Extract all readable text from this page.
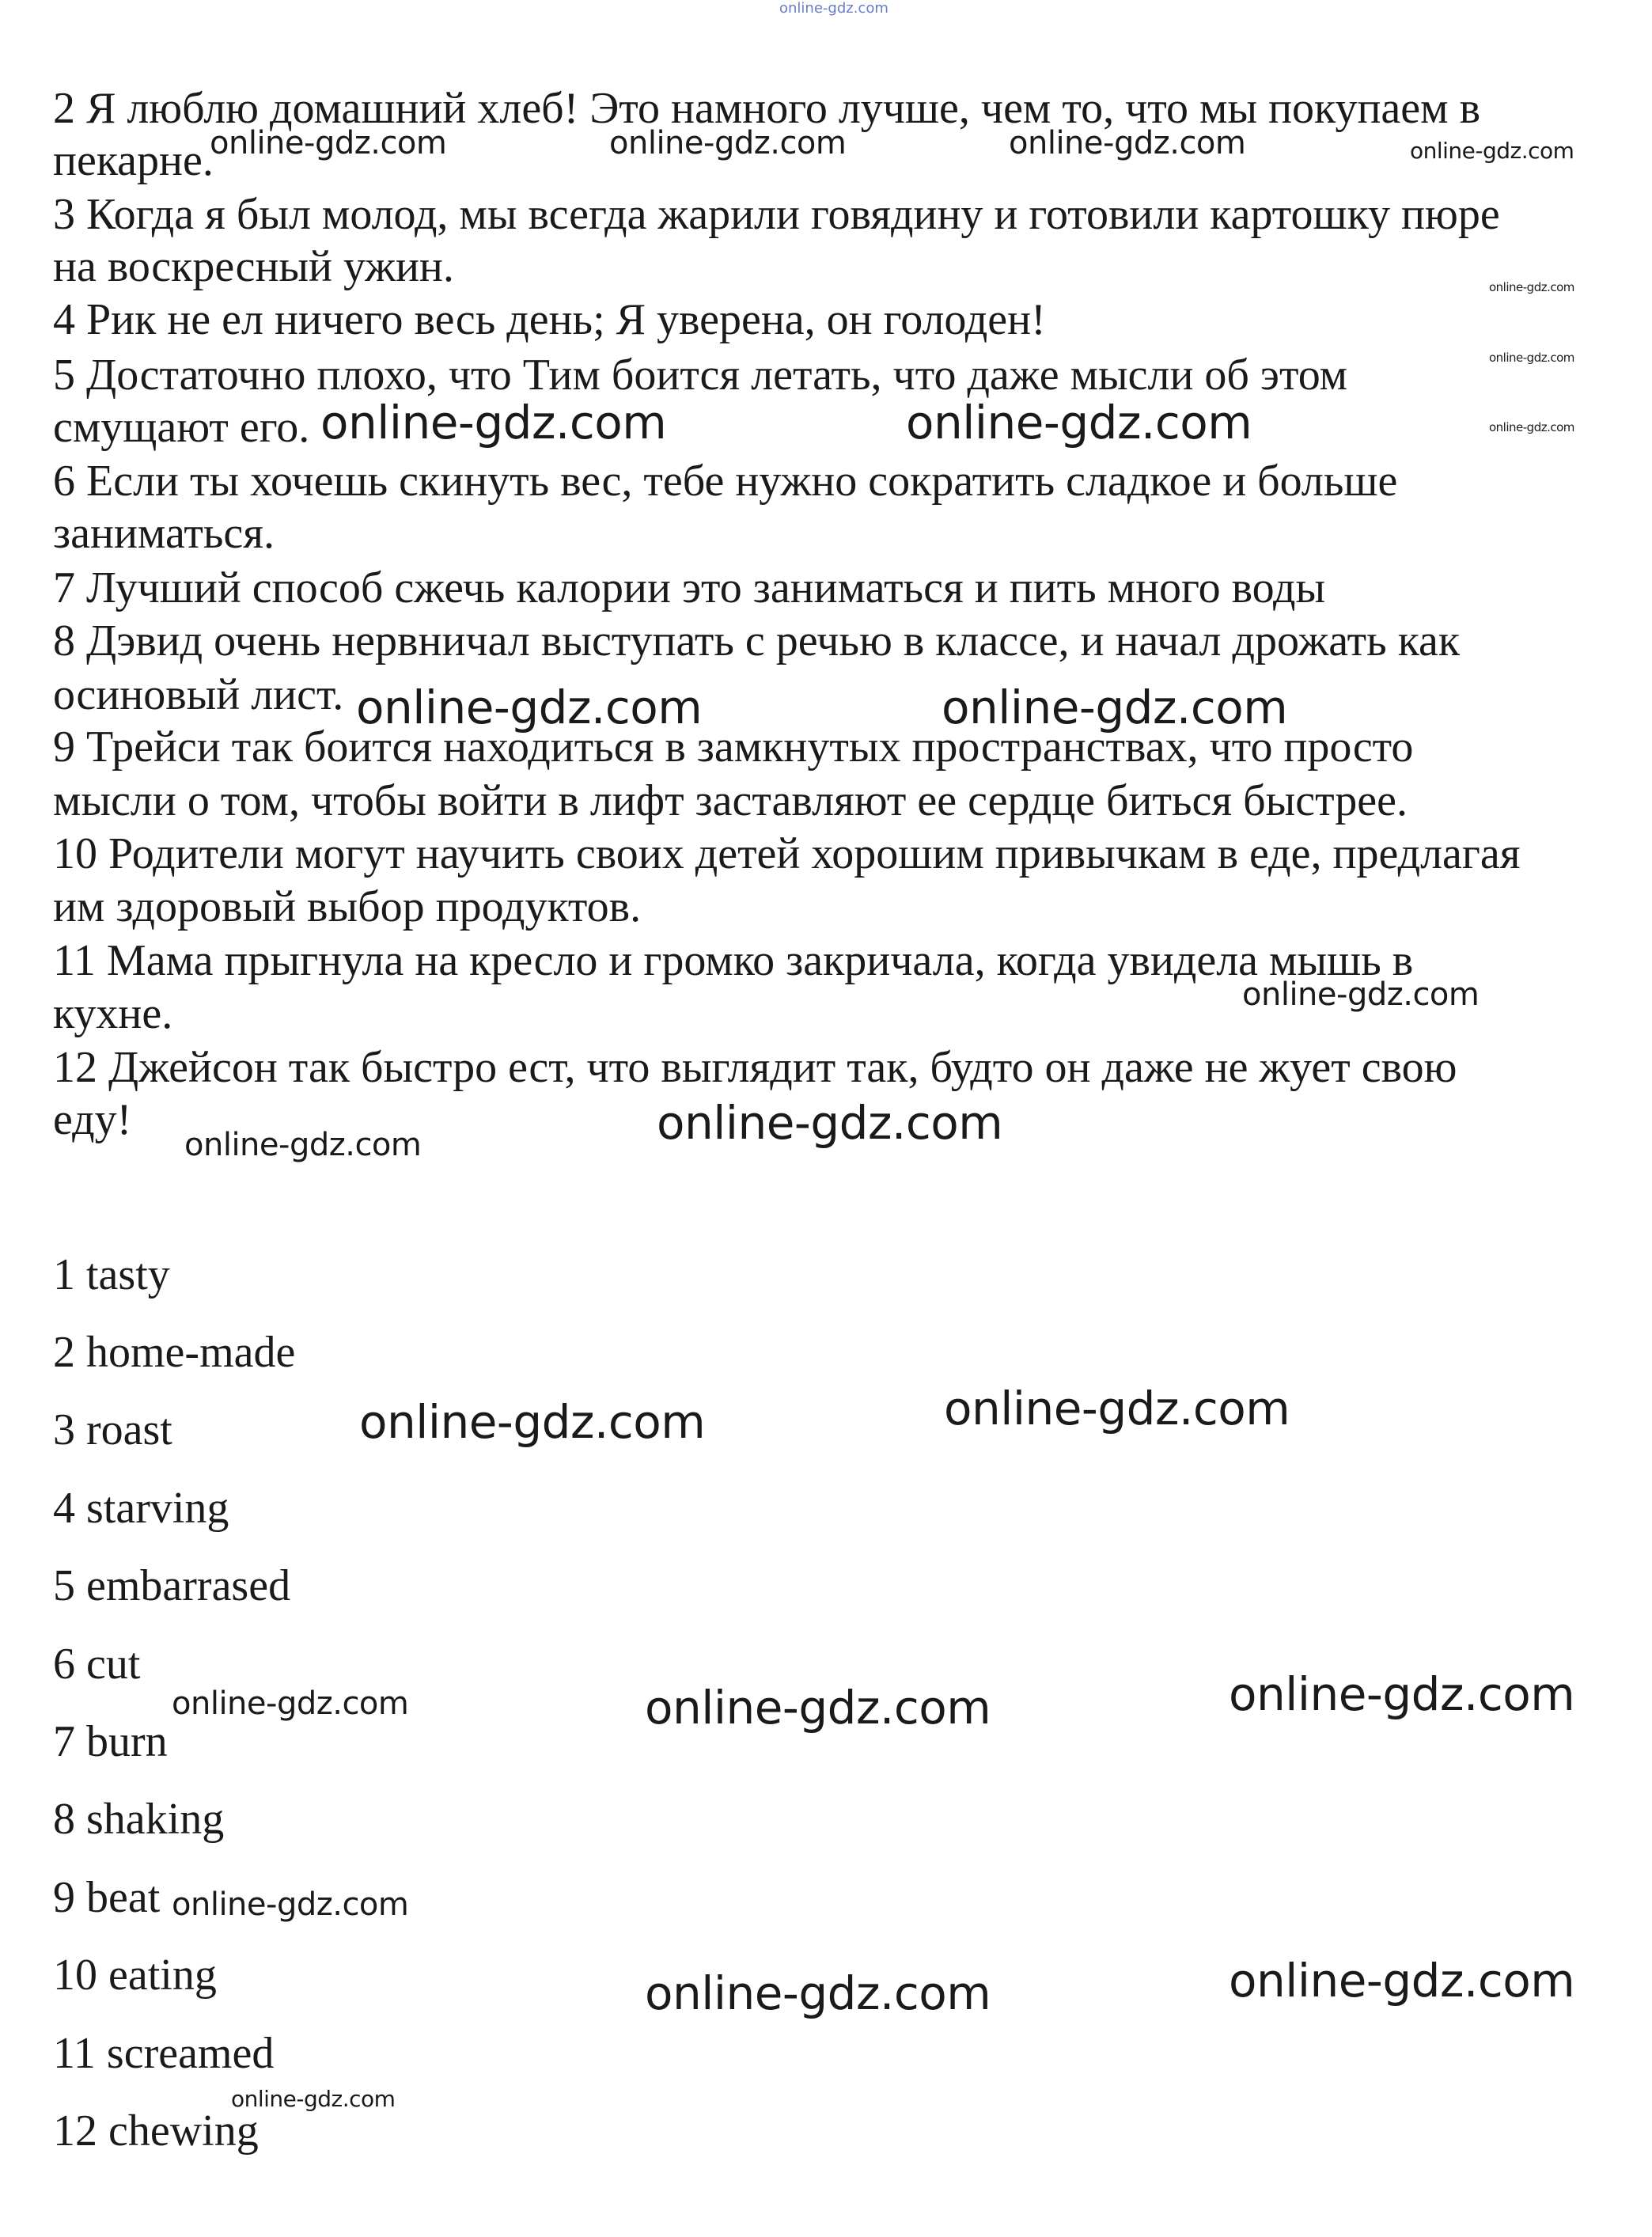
online-gdz.com
2 Я люблю домашний хлеб! Это намного лучше, чем то, что мы покупаем в
пекарне.
3 Когда я был молод, мы всегда жарили говядину и готовили картошку пюре
на воскресный ужин.
4 Рик не ел ничего весь день; Я уверена, он голоден!
5 Достаточно плохо, что Тим боится летать, что даже мысли об этом
смущают его.
6 Если ты хочешь скинуть вес, тебе нужно сократить сладкое и больше
заниматься.
7 Лучший способ сжечь калории это заниматься и пить много воды
8 Дэвид очень нервничал выступать с речью в классе, и начал дрожать как
осиновый лист.
9 Трейси так боится находиться в замкнутых пространствах, что просто
мысли о том, чтобы войти в лифт заставляют ее сердце биться быстрее.
10 Родители могут научить своих детей хорошим привычкам в еде, предлагая
им здоровый выбор продуктов.
11 Мама прыгнула на кресло и громко закричала, когда увидела мышь в
кухне.
12 Джейсон так быстро ест, что выглядит так, будто он даже не жует свою
еду!
1 tasty
2 home-made
3 roast
4 starving
5 embarrased
6 cut
7 burn
8 shaking
9 beat
10 eating
11 screamed
12 chewing
online-gdz.com	online-gdz.com	online-gdz.com	online-gdz.com
online-gdz.com
online-gdz.com
online-gdz.com
online-gdz.com	online-gdz.com
online-gdz.com	online-gdz.com
online-gdz.com
online-gdz.com	online-gdz.com
online-gdz.com	online-gdz.com
online-gdz.com	online-gdz.com	online-gdz.com
online-gdz.com
online-gdz.com	online-gdz.com
online-gdz.com
